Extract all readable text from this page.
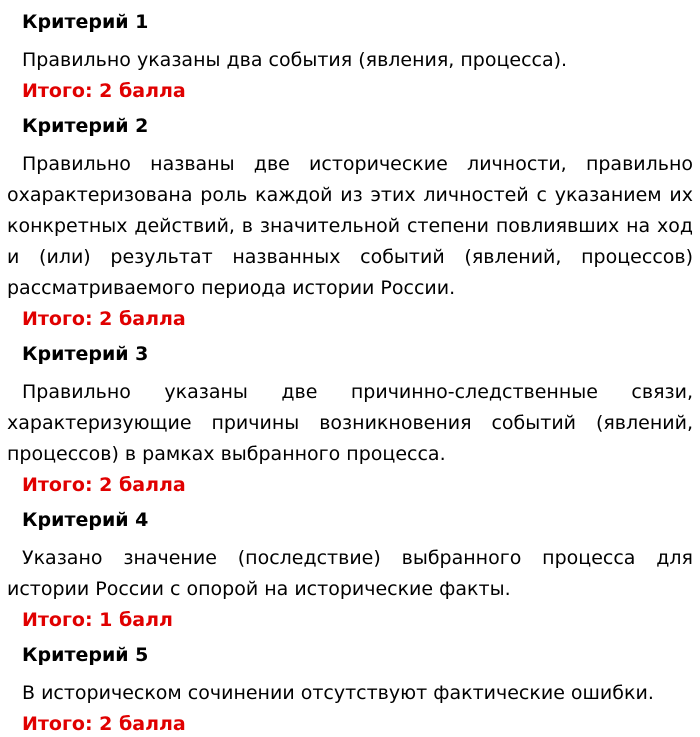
Критерий 1
Правильно указаны два события (явления, процесса).
Итого: 2 балла
Критерий 2
Правильно названы две исторические личности, правильно охарактеризована роль каждой из этих личностей с указанием их конкретных действий, в значительной степени повлиявших на ход и (или) результат названных событий (явлений, процессов) рассматриваемого периода истории России.
Итого: 2 балла
Критерий 3
Правильно указаны две причинно-следственные связи, характеризующие причины возникновения событий (явлений, процессов) в рамках выбранного процесса.
Итого: 2 балла
Критерий 4
Указано значение (последствие) выбранного процесса для истории России с опорой на исторические факты.
Итого: 1 балл
Критерий 5
В историческом сочинении отсутствуют фактические ошибки.
Итого: 2 балла
